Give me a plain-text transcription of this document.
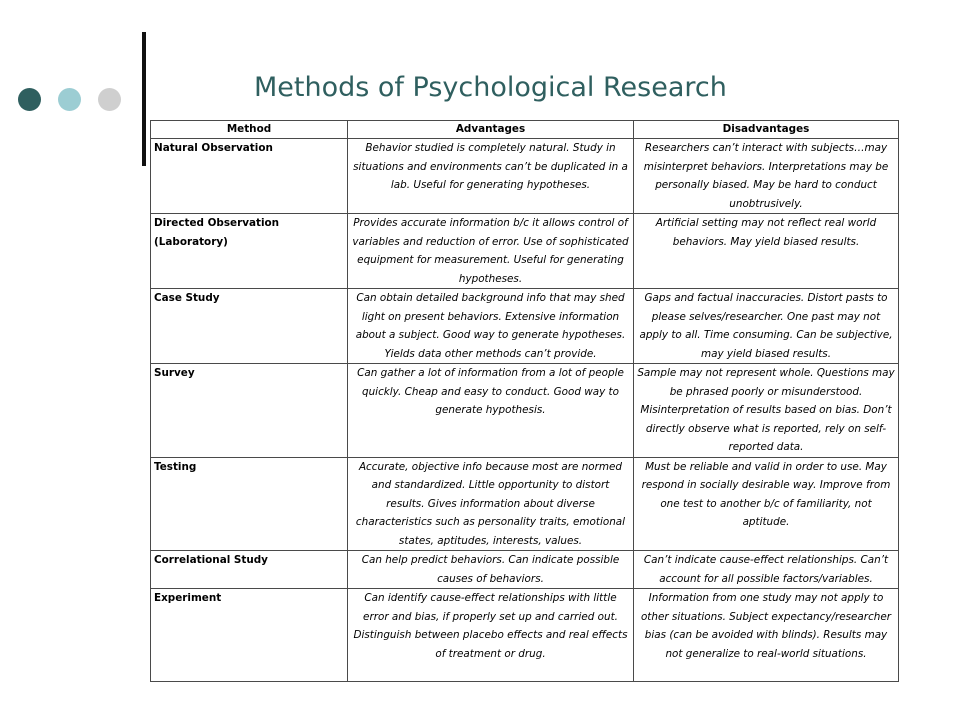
Methods of Psychological Research
Method	Advantages	Disadvantages
Natural Observation	Behavior studied is completely natural. Study in situations and environments can’t be duplicated in a lab. Useful for generating hypotheses.	Researchers can’t interact with subjects…may misinterpret behaviors. Interpretations may be personally biased. May be hard to conduct unobtrusively.
Directed Observation (Laboratory)	Provides accurate information b/c it allows control of variables and reduction of error. Use of sophisticated equipment for measurement. Useful for generating hypotheses.	Artificial setting may not reflect real world behaviors. May yield biased results.
Case Study	Can obtain detailed background info that may shed light on present behaviors. Extensive information about a subject. Good way to generate hypotheses. Yields data other methods can’t provide.	Gaps and factual inaccuracies. Distort pasts to please selves/researcher. One past may not apply to all. Time consuming. Can be subjective, may yield biased results.
Survey	Can gather a lot of information from a lot of people quickly. Cheap and easy to conduct. Good way to generate hypothesis.	Sample may not represent whole. Questions may be phrased poorly or misunderstood. Misinterpretation of results based on bias. Don’t directly observe what is reported, rely on self-reported data.
Testing	Accurate, objective info because most are normed and standardized. Little opportunity to distort results. Gives information about diverse characteristics such as personality traits, emotional states, aptitudes, interests, values.	Must be reliable and valid in order to use. May respond in socially desirable way. Improve from one test to another b/c of familiarity, not aptitude.
Correlational Study	Can help predict behaviors. Can indicate possible causes of behaviors.	Can’t indicate cause-effect relationships. Can’t account for all possible factors/variables.
Experiment	Can identify cause-effect relationships with little error and bias, if properly set up and carried out. Distinguish between placebo effects and real effects of treatment or drug.	Information from one study may not apply to other situations. Subject expectancy/researcher bias (can be avoided with blinds). Results may not generalize to real-world situations.
